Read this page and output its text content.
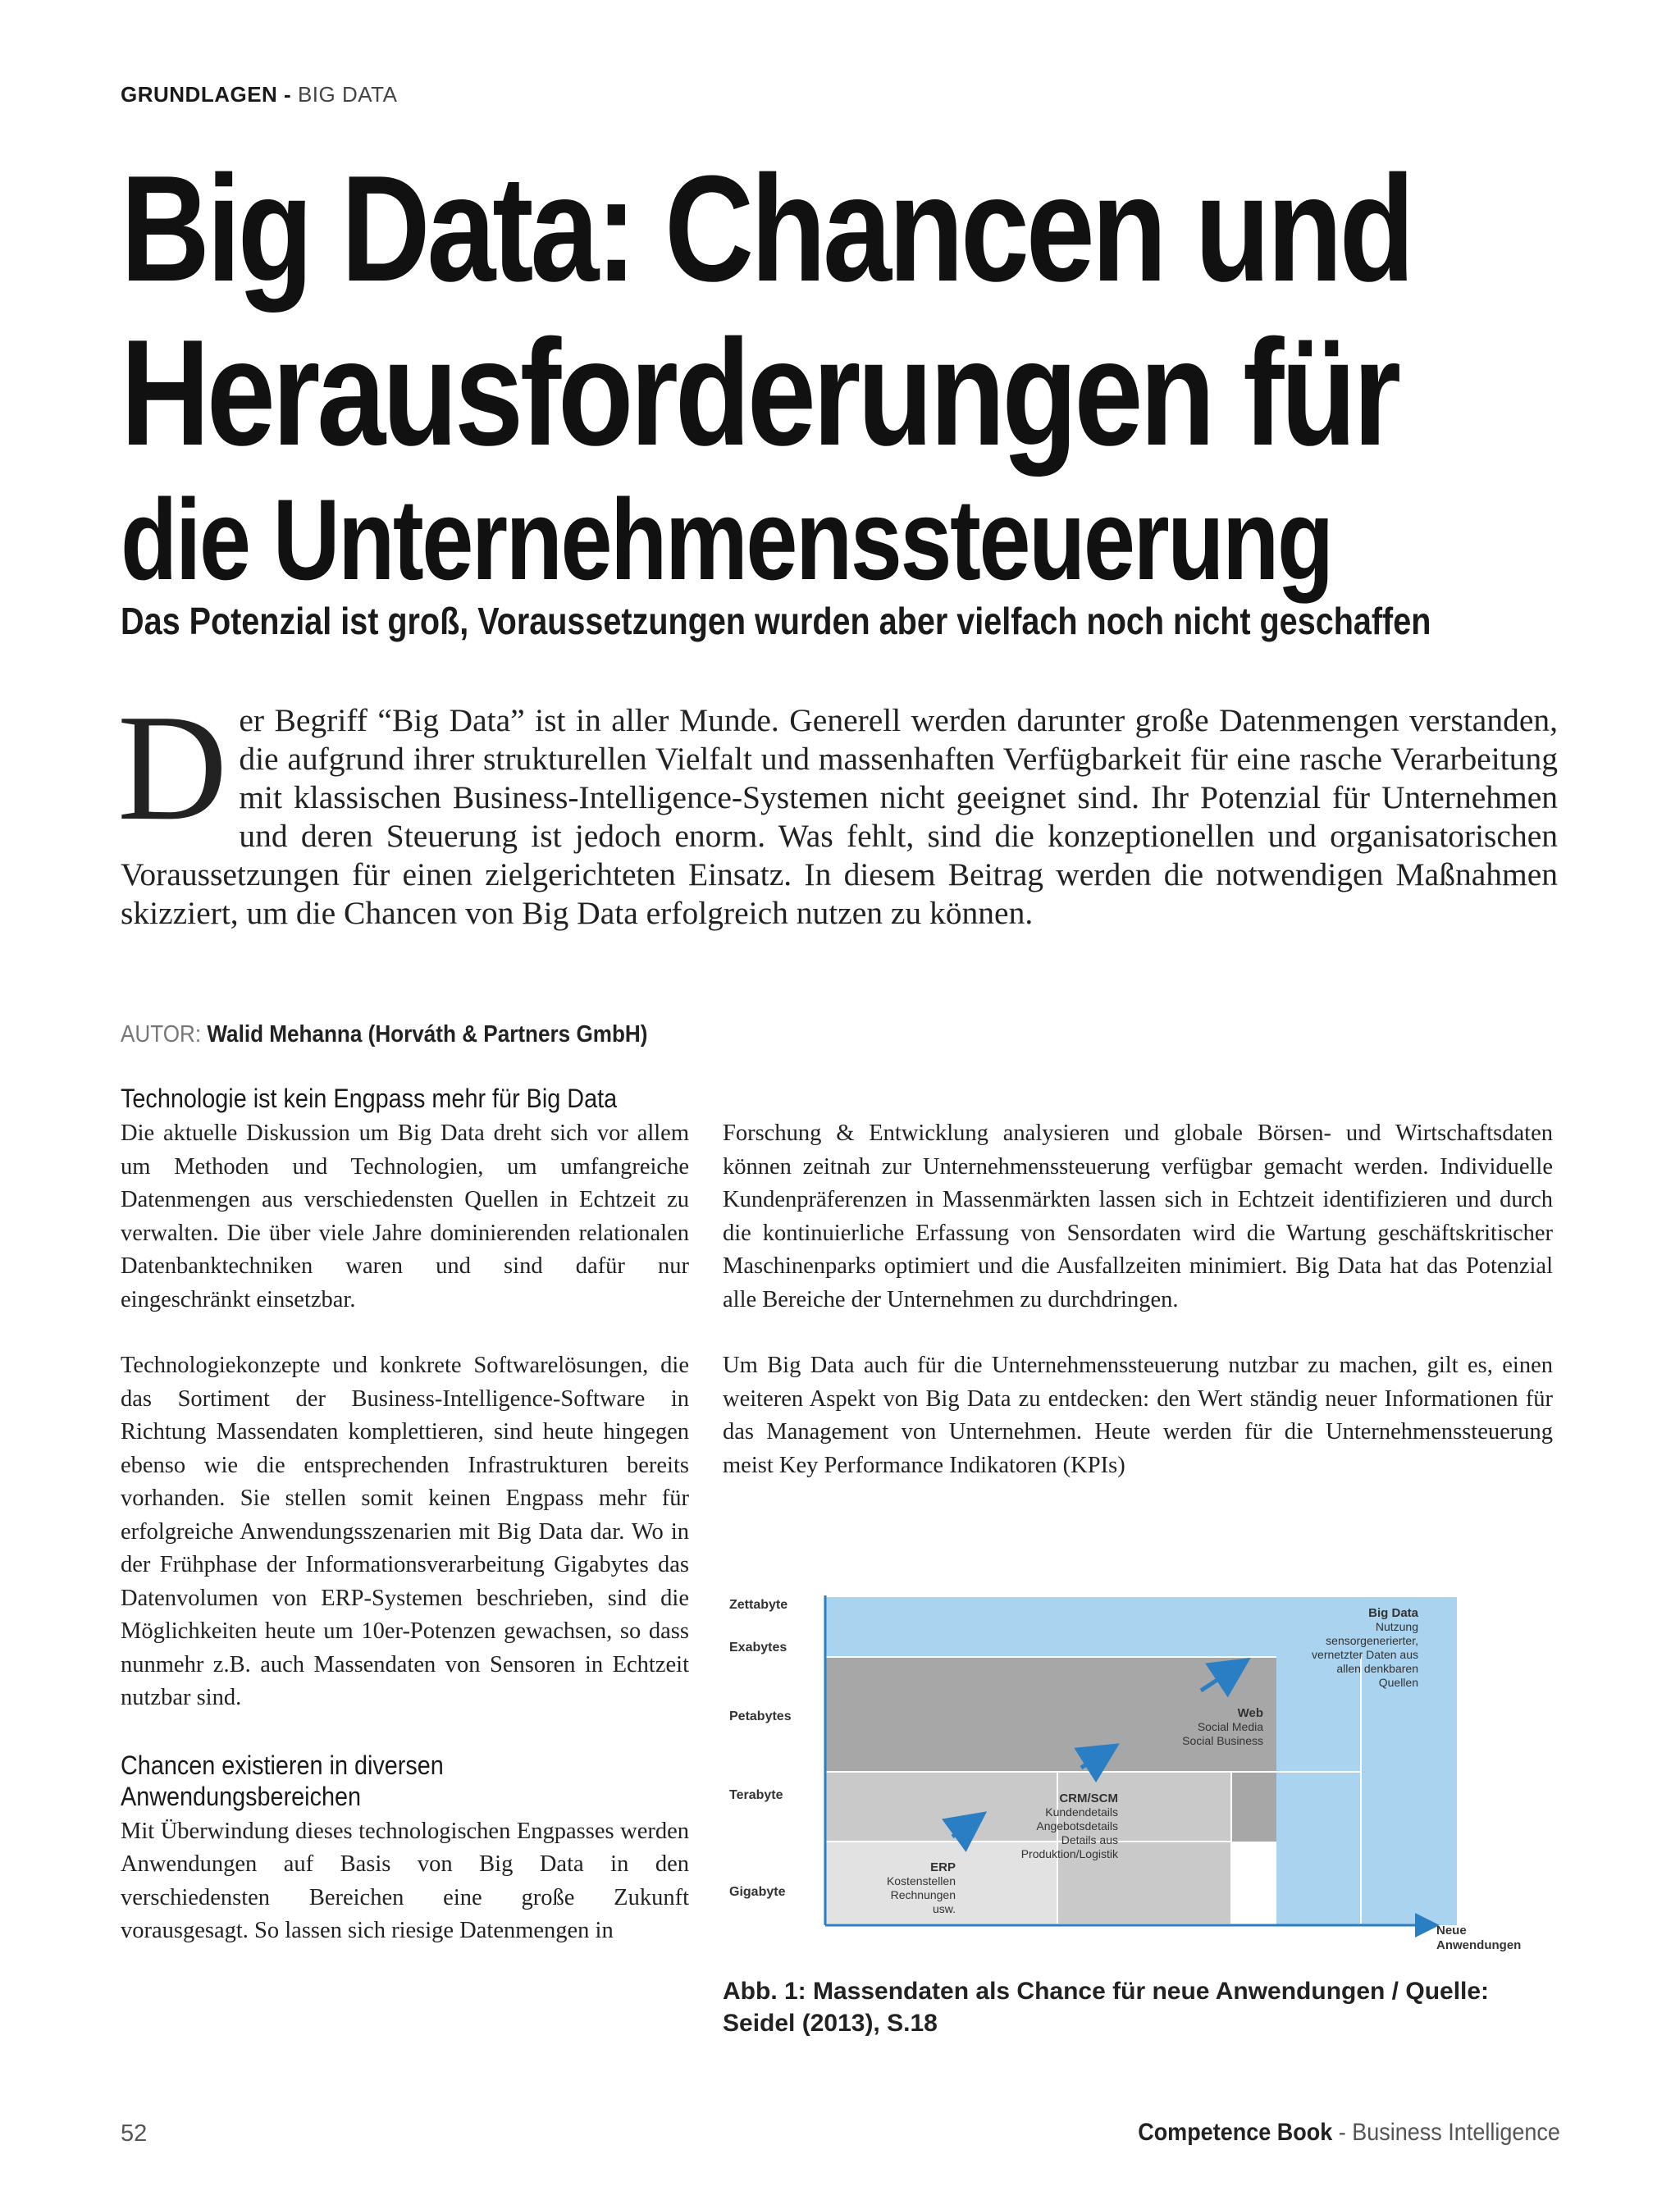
GRUNDLAGEN - BIG DATA
Big Data: Chancen und
Herausforderungen für
die Unternehmenssteuerung
Das Potenzial ist groß, Voraussetzungen wurden aber vielfach noch nicht geschaffen
Der Begriff “Big Data” ist in aller Munde. Generell werden darunter große Datenmengen verstanden, die aufgrund ihrer strukturellen Vielfalt und massenhaften Verfügbarkeit für eine rasche Verarbeitung mit klassischen Business-Intelligence-Systemen nicht geeignet sind. Ihr Potenzial für Unternehmen und deren Steuerung ist jedoch enorm. Was fehlt, sind die konzeptionellen und organisatorischen Voraussetzungen für einen zielgerichteten Einsatz. In diesem Beitrag werden die notwendigen Maßnahmen skizziert, um die Chancen von Big Data erfolgreich nutzen zu können.
AUTOR: Walid Mehanna (Horváth & Partners GmbH)
Technologie ist kein Engpass mehr für Big Data

Die aktuelle Diskussion um Big Data dreht sich vor allem um Methoden und Technologien, um umfangreiche Datenmengen aus verschiedensten Quellen in Echtzeit zu verwalten. Die über viele Jahre dominierenden relationalen Datenbanktechniken waren und sind dafür nur eingeschränkt einsetzbar.

Technologiekonzepte und konkrete Softwarelösungen, die das Sortiment der Business-Intelligence-Software in Richtung Massendaten komplettieren, sind heute hingegen ebenso wie die entsprechenden Infrastrukturen bereits vorhanden. Sie stellen somit keinen Engpass mehr für erfolgreiche Anwendungsszenarien mit Big Data dar. Wo in der Frühphase der Informationsverarbeitung Gigabytes das Datenvolumen von ERP-Systemen beschrieben, sind die Möglichkeiten heute um 10er-Potenzen gewachsen, so dass nunmehr z.B. auch Massendaten von Sensoren in Echtzeit nutzbar sind.

Chancen existieren in diversen
Anwendungsbereichen

Mit Überwindung dieses technologischen Engpasses werden Anwendungen auf Basis von Big Data in den verschiedensten Bereichen eine große Zukunft vorausgesagt. So lassen sich riesige Datenmengen in

Forschung & Entwicklung analysieren und globale Börsen- und Wirtschaftsdaten können zeitnah zur Unternehmenssteuerung verfügbar gemacht werden. Individuelle Kundenpräferenzen in Massenmärkten lassen sich in Echtzeit identifizieren und durch die kontinuierliche Erfassung von Sensordaten wird die Wartung geschäftskritischer Maschinenparks optimiert und die Ausfallzeiten minimiert. Big Data hat das Potenzial alle Bereiche der Unternehmen zu durchdringen.

Um Big Data auch für die Unternehmenssteuerung nutzbar zu machen, gilt es, einen weiteren Aspekt von Big Data zu entdecken: den Wert ständig neuer Informationen für das Management von Unternehmen. Heute werden für die Unternehmenssteuerung meist Key Performance Indikatoren (KPIs)

Zettabyte
Exabytes
Petabytes
Terabyte
Gigabyte
Neue
Anwendungen
ERP
Kostenstellen
Rechnungen
usw.
CRM/SCM
Kundendetails
Angebotsdetails
Details aus
Produktion/Logistik
Web
Social Media
Social Business
Big Data
Nutzung
sensorgenerierter,
vernetzter Daten aus
allen denkbaren
Quellen
Abb. 1: Massendaten als Chance für neue Anwendungen / Quelle: Seidel (2013), S.18
52	Competence Book - Business Intelligence
